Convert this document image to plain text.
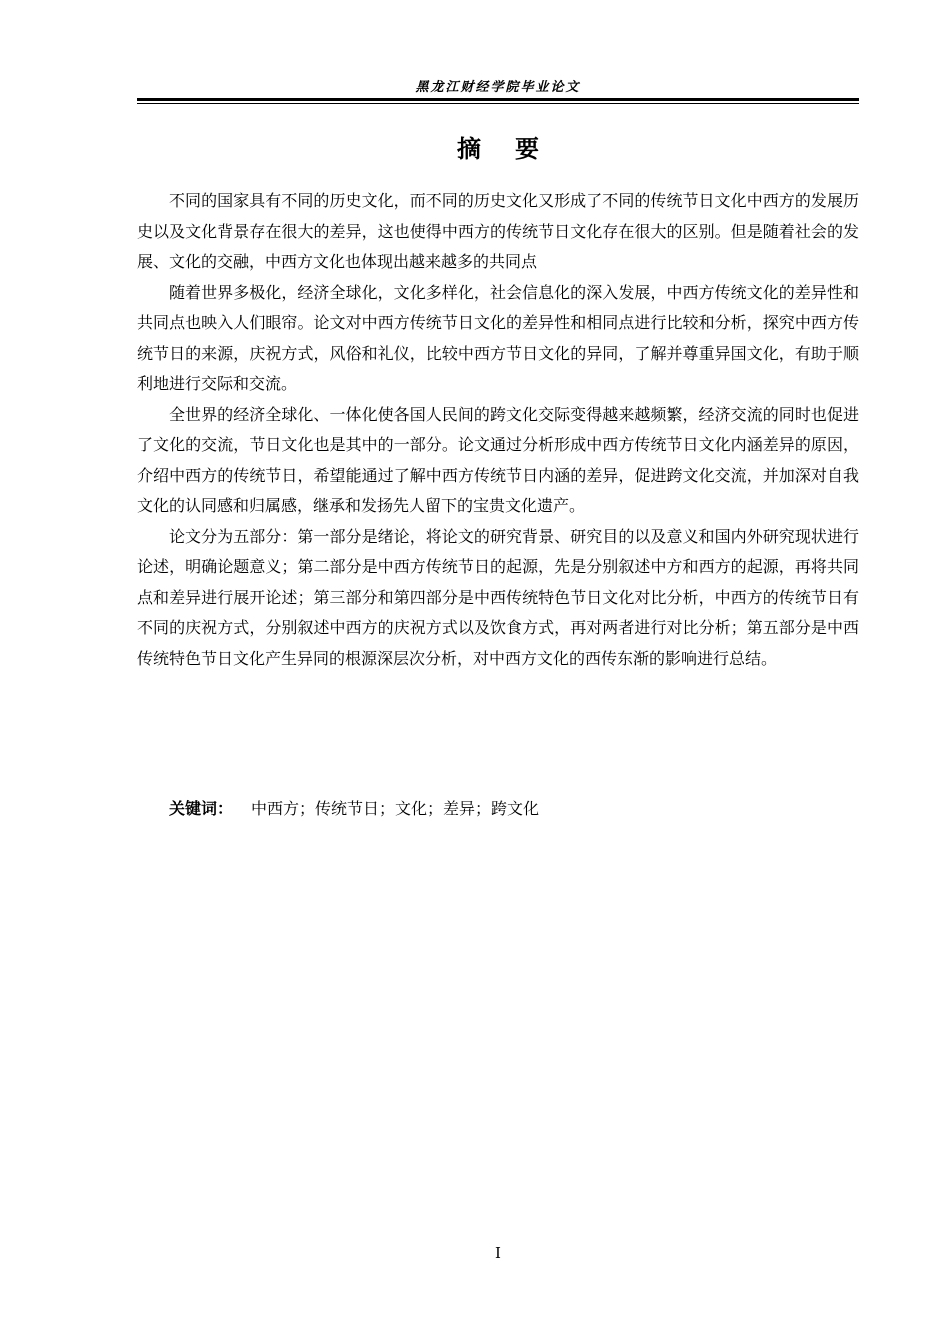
黑龙江财经学院毕业论文
摘要

不同的国家具有不同的历史文化，而不同的历史文化又形成了不同的传统节日文化中西方的发展历史以及文化背景存在很大的差异，这也使得中西方的传统节日文化存在很大的区别。但是随着社会的发展、文化的交融，中西方文化也体现出越来越多的共同点

随着世界多极化，经济全球化，文化多样化，社会信息化的深入发展，中西方传统文化的差异性和共同点也映入人们眼帘。论文对中西方传统节日文化的差异性和相同点进行比较和分析，探究中西方传统节日的来源，庆祝方式，风俗和礼仪，比较中西方节日文化的异同，了解并尊重异国文化，有助于顺利地进行交际和交流。

全世界的经济全球化、一体化使各国人民间的跨文化交际变得越来越频繁，经济交流的同时也促进了文化的交流，节日文化也是其中的一部分。论文通过分析形成中西方传统节日文化内涵差异的原因，介绍中西方的传统节日，希望能通过了解中西方传统节日内涵的差异，促进跨文化交流，并加深对自我文化的认同感和归属感，继承和发扬先人留下的宝贵文化遗产。

论文分为五部分：第一部分是绪论，将论文的研究背景、研究目的以及意义和国内外研究现状进行论述，明确论题意义；第二部分是中西方传统节日的起源，先是分别叙述中方和西方的起源，再将共同点和差异进行展开论述；第三部分和第四部分是中西传统特色节日文化对比分析，中西方的传统节日有不同的庆祝方式，分别叙述中西方的庆祝方式以及饮食方式，再对两者进行对比分析；第五部分是中西传统特色节日文化产生异同的根源深层次分析，对中西方文化的西传东渐的影响进行总结。

关键词： 中西方；传统节日；文化；差异；跨文化
I
